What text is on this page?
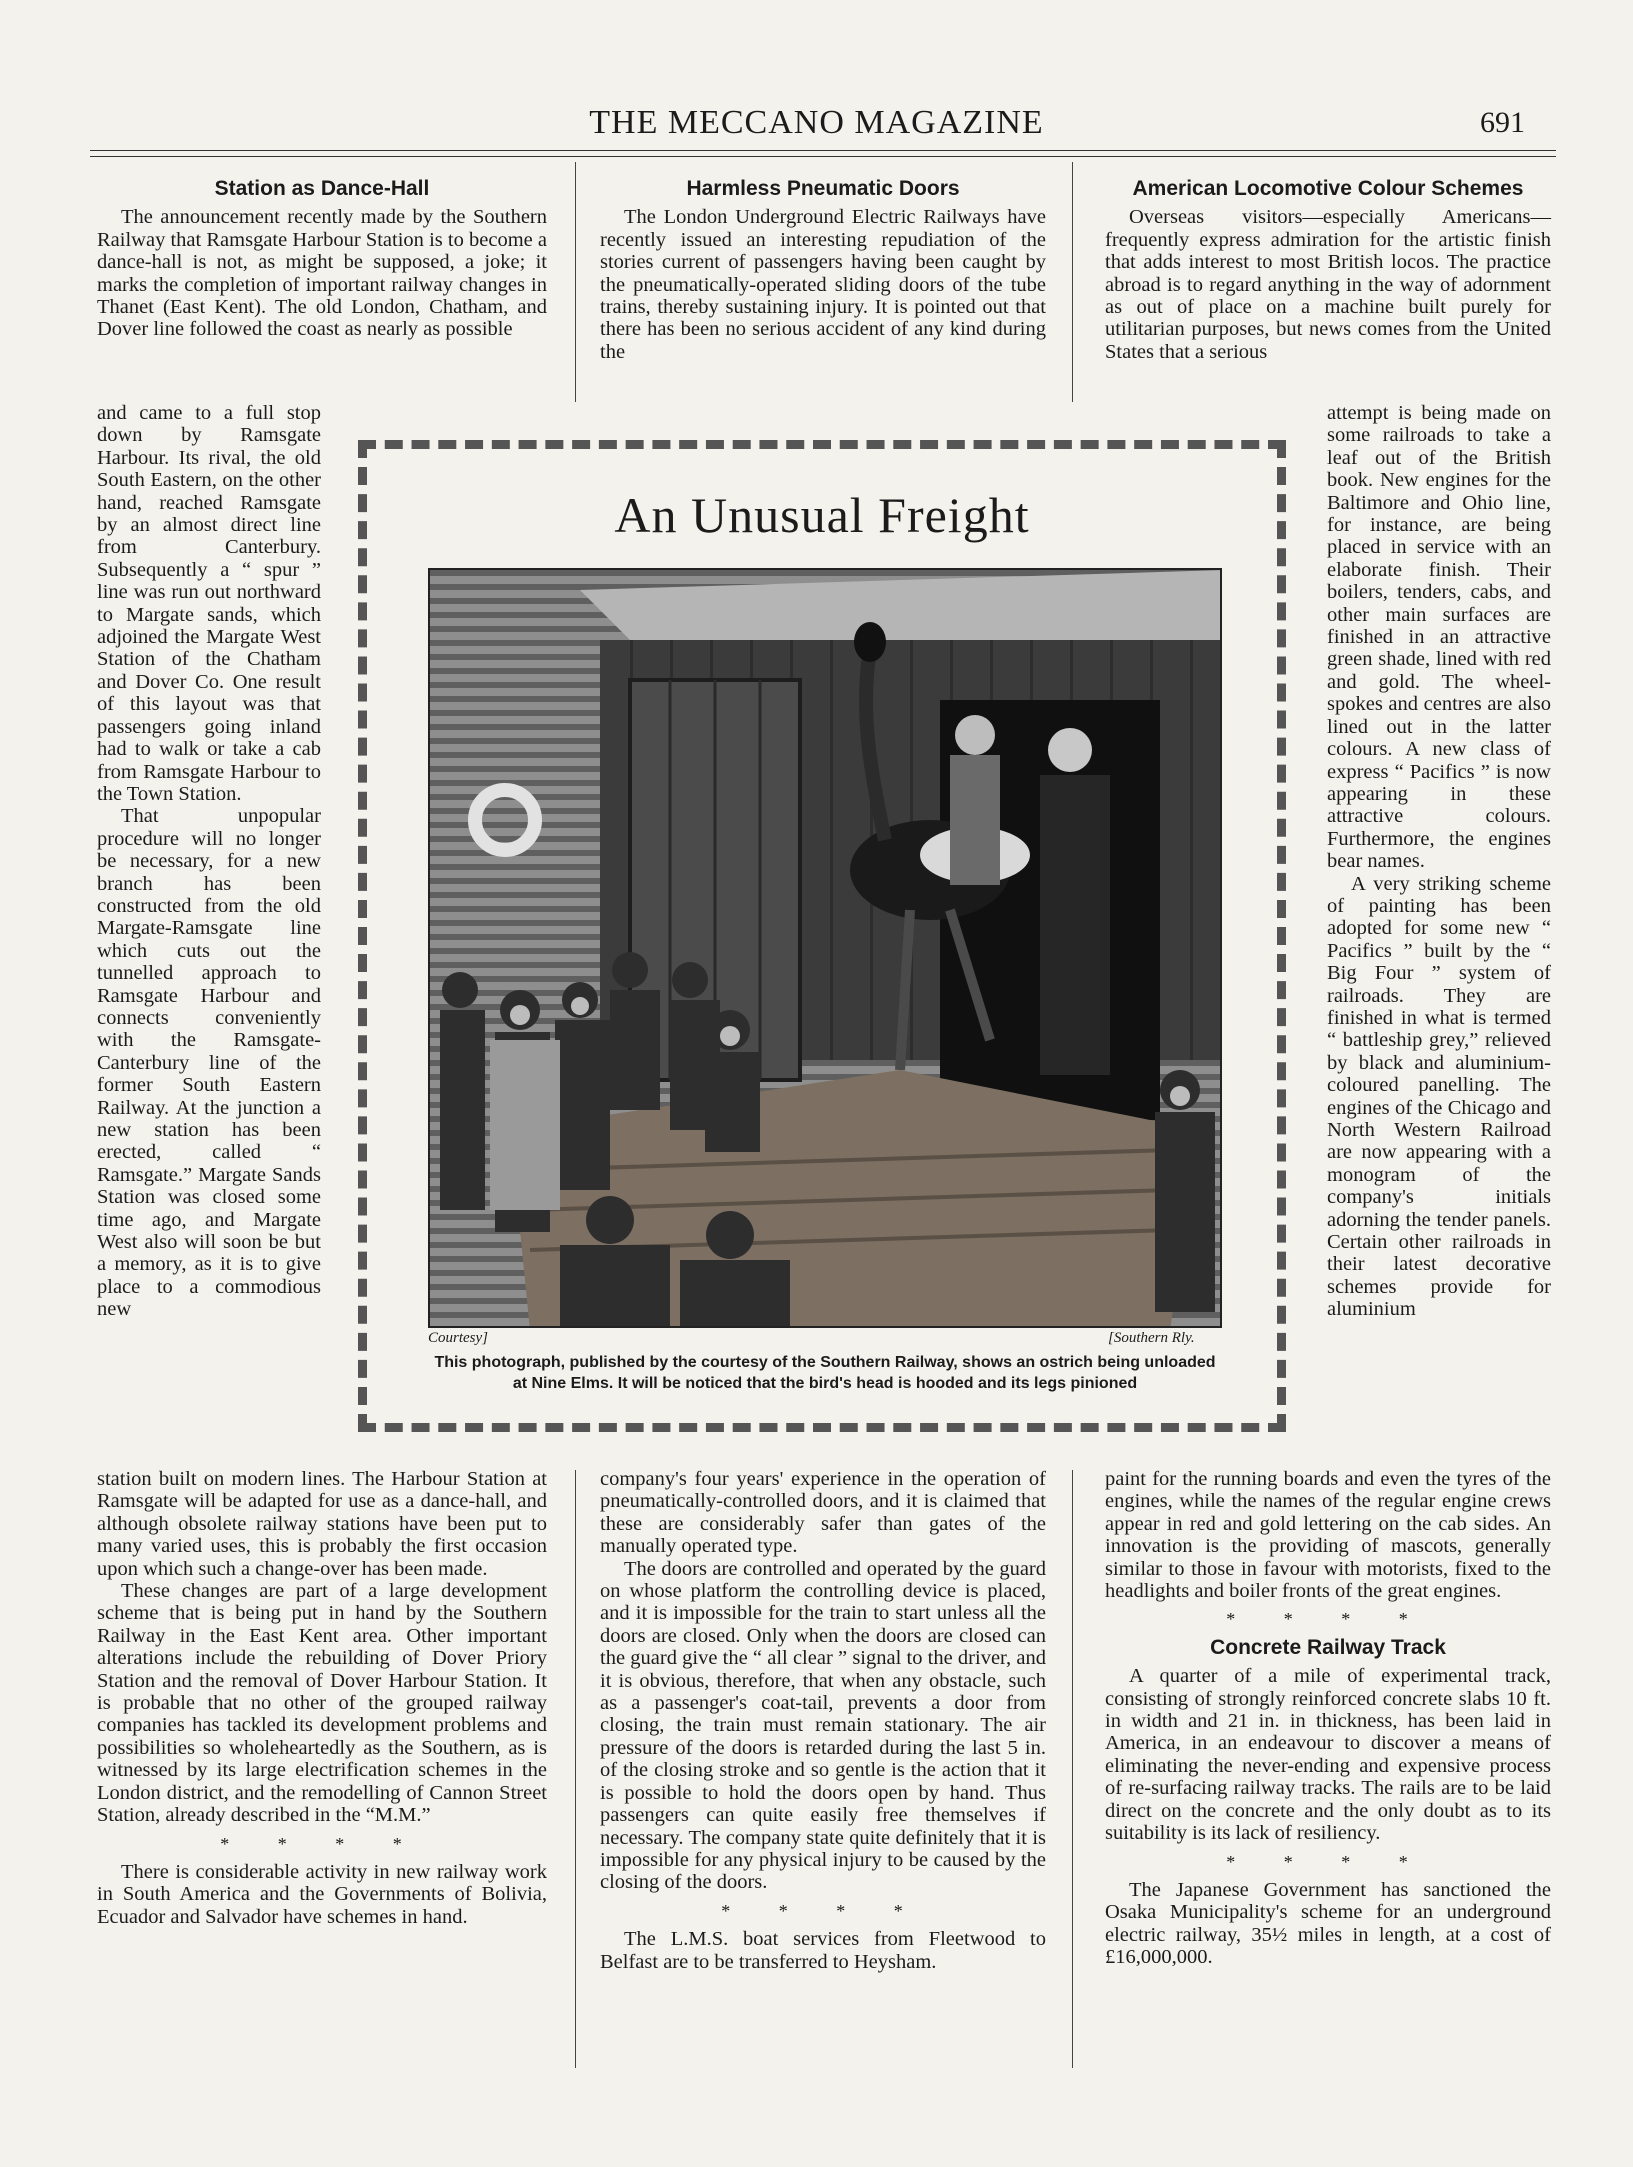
THE MECCANO MAGAZINE	691
Station as Dance-Hall

The announcement recently made by the Southern Railway that Ramsgate Harbour Station is to become a dance-hall is not, as might be supposed, a joke; it marks the completion of important railway changes in Thanet (East Kent). The old London, Chatham, and Dover line followed the coast as nearly as possible

and came to a full stop down by Ramsgate Harbour. Its rival, the old South Eastern, on the other hand, reached Ramsgate by an almost direct line from Canterbury. Subsequently a “ spur ” line was run out northward to Margate sands, which adjoined the Margate West Station of the Chatham and Dover Co. One result of this layout was that passengers going inland had to walk or take a cab from Ramsgate Harbour to the Town Station.

That unpopular procedure will no longer be necessary, for a new branch has been constructed from the old Margate-Ramsgate line which cuts out the tunnelled approach to Ramsgate Harbour and connects conveniently with the Ramsgate-Canterbury line of the former South Eastern Railway. At the junction a new station has been erected, called “ Ramsgate.” Margate Sands Station was closed some time ago, and Margate West also will soon be but a memory, as it is to give place to a commodious new

station built on modern lines. The Harbour Station at Ramsgate will be adapted for use as a dance-hall, and although obsolete railway stations have been put to many varied uses, this is probably the first occasion upon which such a change-over has been made.

These changes are part of a large development scheme that is being put in hand by the Southern Railway in the East Kent area. Other important alterations include the rebuilding of Dover Priory Station and the removal of Dover Harbour Station. It is probable that no other of the grouped railway companies has tackled its development problems and possibilities so wholeheartedly as the Southern, as is witnessed by its large electrification schemes in the London district, and the remodelling of Cannon Street Station, already described in the “M.M.”

* * * *

There is considerable activity in new railway work in South America and the Governments of Bolivia, Ecuador and Salvador have schemes in hand.

Harmless Pneumatic Doors

The London Underground Electric Railways have recently issued an interesting repudiation of the stories current of passengers having been caught by the pneumatically-operated sliding doors of the tube trains, thereby sustaining injury. It is pointed out that there has been no serious accident of any kind during the

company's four years' experience in the operation of pneumatically-controlled doors, and it is claimed that these are considerably safer than gates of the manually operated type.

The doors are controlled and operated by the guard on whose platform the controlling device is placed, and it is impossible for the train to start unless all the doors are closed. Only when the doors are closed can the guard give the “ all clear ” signal to the driver, and it is obvious, therefore, that when any obstacle, such as a passenger's coat-tail, prevents a door from closing, the train must remain stationary. The air pressure of the doors is retarded during the last 5 in. of the closing stroke and so gentle is the action that it is possible to hold the doors open by hand. Thus passengers can quite easily free themselves if necessary. The company state quite definitely that it is impossible for any physical injury to be caused by the closing of the doors.

* * * *

The L.M.S. boat services from Fleetwood to Belfast are to be transferred to Heysham.

American Locomotive Colour Schemes

Overseas visitors—especially Americans—frequently express admiration for the artistic finish that adds interest to most British locos. The practice abroad is to regard anything in the way of adornment as out of place on a machine built purely for utilitarian purposes, but news comes from the United States that a serious

attempt is being made on some railroads to take a leaf out of the British book. New engines for the Baltimore and Ohio line, for instance, are being placed in service with an elaborate finish. Their boilers, tenders, cabs, and other main surfaces are finished in an attractive green shade, lined with red and gold. The wheel-spokes and centres are also lined out in the latter colours. A new class of express “ Pacifics ” is now appearing in these attractive colours. Furthermore, the engines bear names.

A very striking scheme of painting has been adopted for some new “ Pacifics ” built by the “ Big Four ” system of railroads. They are finished in what is termed “ battleship grey,” relieved by black and aluminium-coloured panelling. The engines of the Chicago and North Western Railroad are now appearing with a monogram of the company's initials adorning the tender panels. Certain other railroads in their latest decorative schemes provide for aluminium

paint for the running boards and even the tyres of the engines, while the names of the regular engine crews appear in red and gold lettering on the cab sides. An innovation is the providing of mascots, generally similar to those in favour with motorists, fixed to the headlights and boiler fronts of the great engines.

* * * *
Concrete Railway Track

A quarter of a mile of experimental track, consisting of strongly reinforced concrete slabs 10 ft. in width and 21 in. in thickness, has been laid in America, in an endeavour to discover a means of eliminating the never-ending and expensive process of re-surfacing railway tracks. The rails are to be laid direct on the concrete and the only doubt as to its suitability is its lack of resiliency.

* * * *

The Japanese Government has sanctioned the Osaka Municipality's scheme for an underground electric railway, 35½ miles in length, at a cost of £16,000,000.

An Unusual Freight
Courtesy]	[Southern Rly.
This photograph, published by the courtesy of the Southern Railway, shows an ostrich being unloaded at Nine Elms. It will be noticed that the bird's head is hooded and its legs pinioned
